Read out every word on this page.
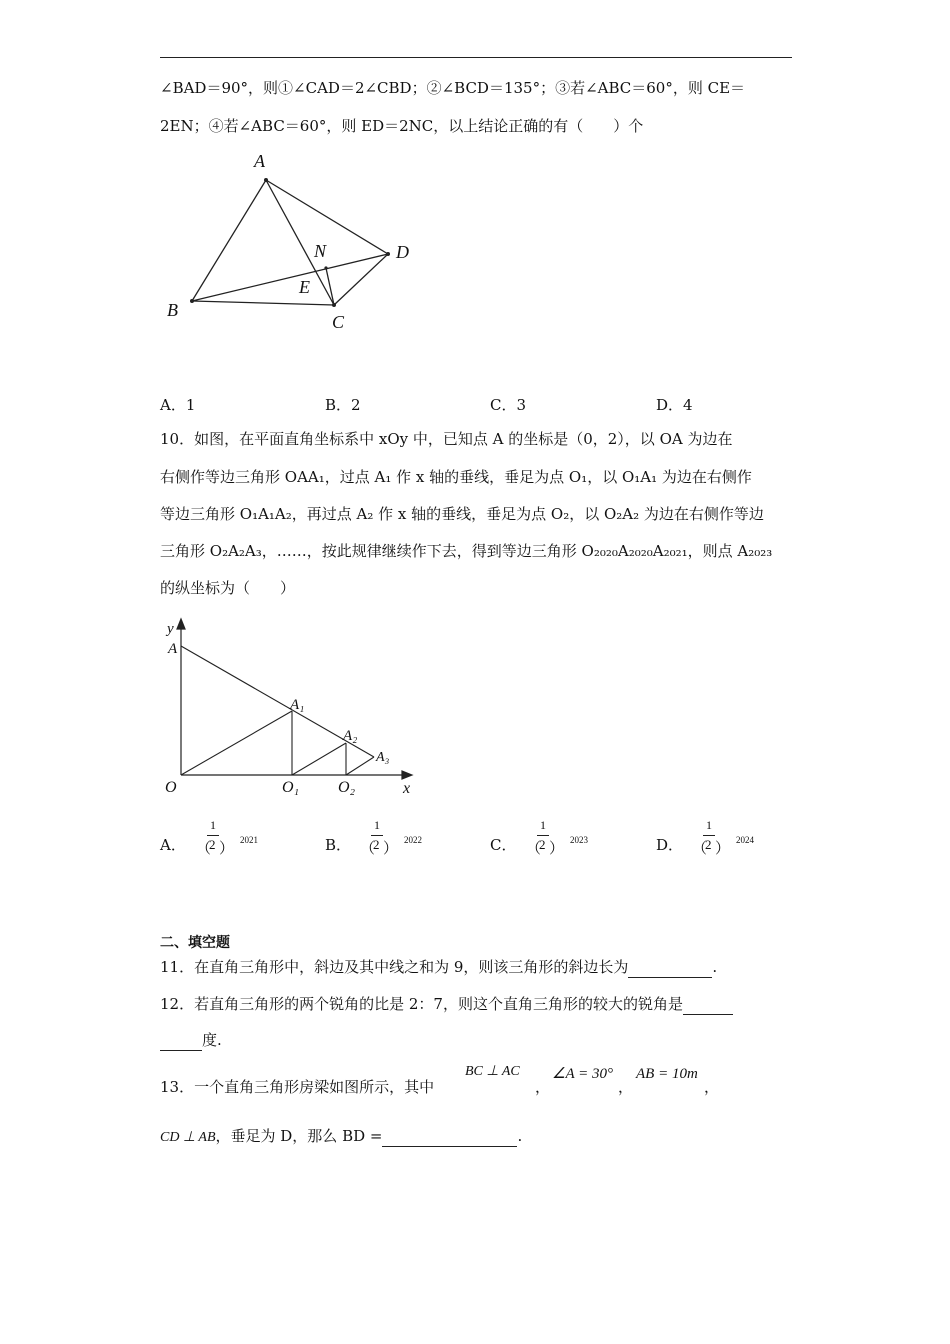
∠BAD＝90°，则①∠CAD＝2∠CBD；②∠BCD＝135°；③若∠ABC＝60°，则 CE＝
2EN；④若∠ABC＝60°，则 ED＝2NC，以上结论正确的有（　　）个
A
B
C
D
N
E
A．1	B．2	C．3	D．4
10．如图，在平面直角坐标系中 xOy 中，已知点 A 的坐标是（0，2），以 OA 为边在
右侧作等边三角形 OAA₁，过点 A₁ 作 x 轴的垂线，垂足为点 O₁，以 O₁A₁ 为边在右侧作
等边三角形 O₁A₁A₂，再过点 A₂ 作 x 轴的垂线，垂足为点 O₂，以 O₂A₂ 为边在右侧作等边
三角形 O₂A₂A₃，……，按此规律继续作下去，得到等边三角形 O₂₀₂₀A₂₀₂₀A₂₀₂₁，则点 A₂₀₂₃
的纵坐标为（　　）
y
A
O
A₁
A₂
A₃
O₁ O₂	x
A． （
1
2 ）
2021	B． （
1
2 ）
2022	C． （
1
2 ）
2023	D． （
1
2 ）
2024
二、填空题
11．在直角三角形中，斜边及其中线之和为 9，则该三角形的斜边长为	.
12．若直角三角形的两个锐角的比是 2：7，则这个直角三角形的较大的锐角是
度.
13．一个直角三角形房梁如图所示，其中
BC ⊥ AC
，
∠A = 30°
，
AB = 10m
，
CD ⊥ AB，垂足为 D，那么 BD =	.
